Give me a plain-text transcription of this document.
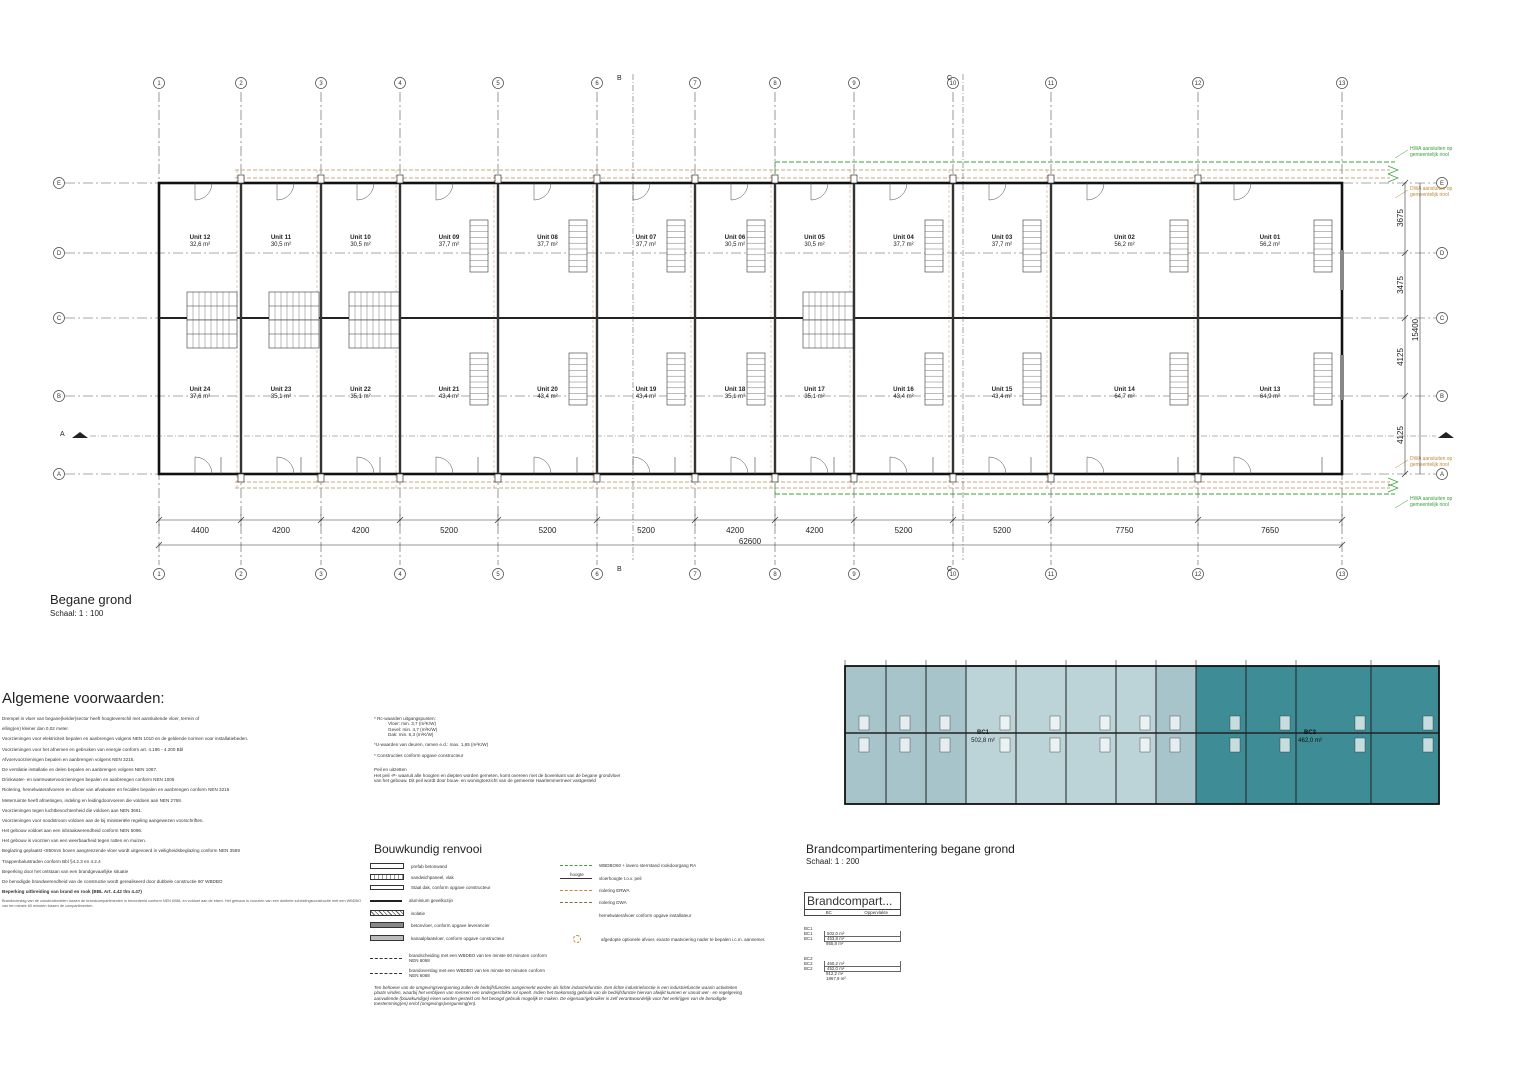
1
1
2
2
3
3
4
4
5
5
6
6
7
7
8
8
9
9
10
10
11
11
12
12
13
13
E	E
D	D
C	C
B	B
A	A
HWA aansluiten op
gemeentelijk riool
DWA aansluiten op
gemeentelijk riool
DWA aansluiten op
gemeentelijk riool
HWA aansluiten op
gemeentelijk riool
Unit 12
32,6 m²
Unit 24
37,6 m²
Unit 11
30,5 m²
Unit 23
35,1 m²
Unit 10
30,5 m²
Unit 22
35,1 m²
Unit 09
37,7 m²
Unit 21
43,4 m²
Unit 08
37,7 m²
Unit 20
43,4 m²
Unit 07
37,7 m²
Unit 19
43,4 m²
Unit 06
30,5 m²
Unit 18
35,1 m²
Unit 05
30,5 m²
Unit 17
35,1 m²
Unit 04
37,7 m²
Unit 16
43,4 m²
Unit 03
37,7 m²
Unit 15
43,4 m²
Unit 02
56,2 m²
Unit 14
64,7 m²
Unit 01
56,2 m²
Unit 13
64,9 m²
B
B
C
C
A
4400	4200	4200	5200	5200	5200	4200	4200	5200	5200	7750	7650
62600
3675
3475
4125
4125
15400
Begane grond
Schaal: 1 : 100
Algemene voorwaarden:
Drempel in vloer van begane(kelder)sector heeft hoogteverschil met aansluitende vloer, terrein of
elling(en) kleiner dan 0,02 meter.
Voorzieningen voor elektriciteit bepalen en aanbrengen volgens NEN 1010 en de geldende normen voor installatiebeden.
Voorzieningen voor het afnemen en gebruiken van energie conform art. 4.196 - 4.200 Bbl
Afvoervoorzieningen bepalen en aanbrengen volgens NEN 3215.
De ventilatie installatie en delen bepalen en aanbrengen volgens NEN 1087.
Drinkwater- en warmwatervoorzieningen bepalen en aanbrengen conform NEN 1006
Riolering, hemelwaterafvoeren en afvoer van afvalwater en fecaliën bepalen en aanbrengen conform NEN 3215
Meterruimte heeft afmetingen, indeling en leidingdoorvoeren die voldoen aan NEN 2768.
Voorzieningen tegen luchtbevochtenheid die voldoen aan NEN 3661.
Voorzieningen voor noodstroom voldoen aan de bij ministeriële regeling aangewezen voorschriften.
Het gebouw voldoet aan een inbraakwerendheid conform NEN 5096.
Het gebouw is voorzien van een weerbaarheid tegen ratten en muizen.
Beglazing geplaatst <850mm boven aangrenzende vloer wordt uitgevoerd in veiligheidsbeglazing conform NEN 3569
Trappenbalustraden conform Bbl §4.2.3 en 4.2.4
Beperking door het ontstaan van een brandgevaarlijke situatie
De benodigde brandwerendheid van de constructie wordt gerealiseerd door dubbele constructie 60' WBDBO
Beperking uitbreiding van brand en rook (BBL Art. 4.42 t/m 4.47)
Brandoverslag van de constructiedelen tussen de brandcompartimenten is beoordeeld conform NEN 6068, en voldoet aan de eisen. Het gebouw is voorzien van een dubbele scheidingsconstructie met een WBDBO van ten minste 60 minuten tussen de compartimenten.
* Rc-waarden uitgangspunten:
Vloer: min. 3,7 (m²K/W)
Gevel: min. 4,7 (m²K/W)
Dak: min. 6,3 (m²K/W)
*U-waarden van deuren, ramen e.d.: max. 1,65 (m²K/W)
* Constructies conform opgave constructeur
Peil en uitzetten
Het peil -P- waaruit alle hoogten en diepten worden gemeten, komt overeen met de bovenkant van de begane grondvloer
van het gebouw. Dit peil wordt door bouw- en woningtoezicht van de gemeente Haarlemmermeer vastgesteld
Bouwkundig renvooi
prefab betonwand
sandwichpaneel, vlak
Staal dak, conform opgave constructeur
aluminium gevelkozijn
isolatie
betonvloer, conform opgave leverancier
kanaalplaatvloer, conform opgave constructeur
brandscheiding met een WBDBO van ten minste 60 minuten conform NEN 6068
brandoverslag met een WBDBO van ten minste 60 minuten conform NEN 6068
WBDBO60 + lavero sterrstand rookdoorgang RA
hoogte
vloerhoogte t.o.v. peil
riolering ERWA
riolering DWA
hemelwaterafvoer conform opgave installateur
afgedopte optionele afvoer, exacte maatvoering nader te bepalen i.c.m. aannemer.
Ten behoeve van de omgevingsvergunning zullen de bedrijfsfuncties aangemerkt worden als lichte industriefunctie. Een lichte industriefunctie is een industriefunctie waarin activiteiten plaats vinden, waarbij het verblijven van mensen een ondergeschikte rol speelt. Indien het toekomstig gebruik van de bedrijfsfunctie hiervan afwijkt kunnen er vanuit wet - en regelgeving aanvullende (bouwkundige) eisen worden gesteld om het beoogd gebruik mogelijk te maken. De eigenaar/gebruiker is zelf verantwoordelijk voor het verkrijgen van de benodigde toestemming(en) en/of (omgevings)vergunning(en).
Brandcompartimentering begane grond
Schaal: 1 : 200
BC1
502,8 m²
BC2
462,0 m²
Brandcompart...
BC	Oppervlakte
BC1
BC1	502,0 m²
BC1	453,8 m²
955,8 m²
BC2
BC2	460,2 m²
BC2	452,0 m²
912,2 m²
1867,9 m²
